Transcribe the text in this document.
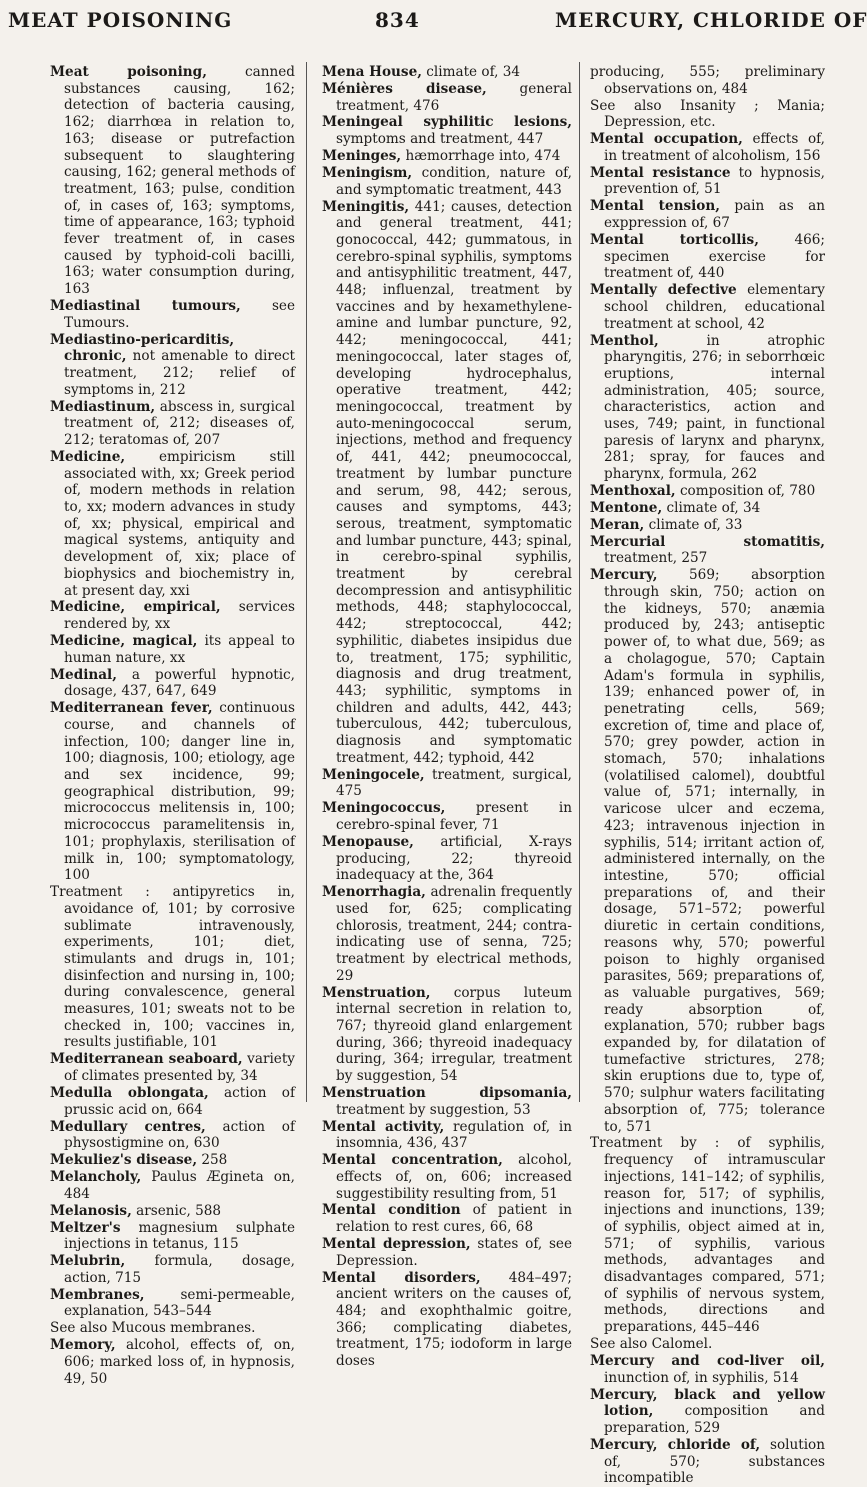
MEAT POISONING	834	MERCURY, CHLORIDE OF

Meat poisoning, canned substances causing, 162; detection of bacteria causing, 162; diarrhœa in relation to, 163; disease or putrefaction subsequent to slaughtering causing, 162; general methods of treatment, 163; pulse, condition of, in cases of, 163; symptoms, time of appearance, 163; typhoid fever treatment of, in cases caused by typhoid-coli bacilli, 163; water consumption during, 163

Mediastinal tumours, see Tumours.

Mediastino-pericarditis, chronic, not amenable to direct treatment, 212; relief of symptoms in, 212

Mediastinum, abscess in, surgical treatment of, 212; diseases of, 212; teratomas of, 207

Medicine, empiricism still associated with, xx; Greek period of, modern methods in relation to, xx; modern advances in study of, xx; physical, empirical and magical systems, antiquity and development of, xix; place of biophysics and biochemistry in, at present day, xxi

Medicine, empirical, services rendered by, xx

Medicine, magical, its appeal to human nature, xx

Medinal, a powerful hypnotic, dosage, 437, 647, 649

Mediterranean fever, continuous course, and channels of infection, 100; danger line in, 100; diagnosis, 100; etiology, age and sex incidence, 99; geographical distribution, 99; micrococcus melitensis in, 100; micrococcus paramelitensis in, 101; prophylaxis, sterilisation of milk in, 100; symptomatology, 100

Treatment : antipyretics in, avoidance of, 101; by corrosive sublimate intravenously, experiments, 101; diet, stimulants and drugs in, 101; disinfection and nursing in, 100; during convalescence, general measures, 101; sweats not to be checked in, 100; vaccines in, results justifiable, 101

Mediterranean seaboard, variety of climates presented by, 34

Medulla oblongata, action of prussic acid on, 664

Medullary centres, action of physostigmine on, 630

Mekuliez's disease, 258

Melancholy, Paulus Ægineta on, 484

Melanosis, arsenic, 588

Meltzer's magnesium sulphate injections in tetanus, 115

Melubrin, formula, dosage, action, 715

Membranes, semi-permeable, explanation, 543–544

See also Mucous membranes.

Memory, alcohol, effects of, on, 606; marked loss of, in hypnosis, 49, 50

Mena House, climate of, 34

Ménières disease, general treatment, 476

Meningeal syphilitic lesions, symptoms and treatment, 447

Meninges, hæmorrhage into, 474

Meningism, condition, nature of, and symptomatic treatment, 443

Meningitis, 441; causes, detection and general treatment, 441; gonococcal, 442; gummatous, in cerebro-spinal syphilis, symptoms and antisyphilitic treatment, 447, 448; influenzal, treatment by vaccines and by hexamethylene-amine and lumbar puncture, 92, 442; meningococcal, 441; meningococcal, later stages of, developing hydrocephalus, operative treatment, 442; meningococcal, treatment by auto-meningococcal serum, injections, method and frequency of, 441, 442; pneumococcal, treatment by lumbar puncture and serum, 98, 442; serous, causes and symptoms, 443; serous, treatment, symptomatic and lumbar puncture, 443; spinal, in cerebro-spinal syphilis, treatment by cerebral decompression and antisyphilitic methods, 448; staphylococcal, 442; streptococcal, 442; syphilitic, diabetes insipidus due to, treatment, 175; syphilitic, diagnosis and drug treatment, 443; syphilitic, symptoms in children and adults, 442, 443; tuberculous, 442; tuberculous, diagnosis and symptomatic treatment, 442; typhoid, 442

Meningocele, treatment, surgical, 475

Meningococcus, present in cerebro-spinal fever, 71

Menopause, artificial, X-rays producing, 22; thyreoid inadequacy at the, 364

Menorrhagia, adrenalin frequently used for, 625; complicating chlorosis, treatment, 244; contra-indicating use of senna, 725; treatment by electrical methods, 29

Menstruation, corpus luteum internal secretion in relation to, 767; thyreoid gland enlargement during, 366; thyreoid inadequacy during, 364; irregular, treatment by suggestion, 54

Menstruation dipsomania, treatment by suggestion, 53

Mental activity, regulation of, in insomnia, 436, 437

Mental concentration, alcohol, effects of, on, 606; increased suggestibility resulting from, 51

Mental condition of patient in relation to rest cures, 66, 68

Mental depression, states of, see Depression.

Mental disorders, 484–497; ancient writers on the causes of, 484; and exophthalmic goitre, 366; complicating diabetes, treatment, 175; iodoform in large doses

producing, 555; preliminary observations on, 484

See also Insanity ; Mania; Depression, etc.

Mental occupation, effects of, in treatment of alcoholism, 156

Mental resistance to hypnosis, prevention of, 51

Mental tension, pain as an exppression of, 67

Mental torticollis, 466; specimen exercise for treatment of, 440

Mentally defective elementary school children, educational treatment at school, 42

Menthol, in atrophic pharyngitis, 276; in seborrhœic eruptions, internal administration, 405; source, characteristics, action and uses, 749; paint, in functional paresis of larynx and pharynx, 281; spray, for fauces and pharynx, formula, 262

Menthoxal, composition of, 780

Mentone, climate of, 34

Meran, climate of, 33

Mercurial stomatitis, treatment, 257

Mercury, 569; absorption through skin, 750; action on the kidneys, 570; anæmia produced by, 243; antiseptic power of, to what due, 569; as a cholagogue, 570; Captain Adam's formula in syphilis, 139; enhanced power of, in penetrating cells, 569; excretion of, time and place of, 570; grey powder, action in stomach, 570; inhalations (volatilised calomel), doubtful value of, 571; internally, in varicose ulcer and eczema, 423; intravenous injection in syphilis, 514; irritant action of, administered internally, on the intestine, 570; official preparations of, and their dosage, 571–572; powerful diuretic in certain conditions, reasons why, 570; powerful poison to highly organised parasites, 569; preparations of, as valuable purgatives, 569; ready absorption of, explanation, 570; rubber bags expanded by, for dilatation of tumefactive strictures, 278; skin eruptions due to, type of, 570; sulphur waters facilitating absorption of, 775; tolerance to, 571

Treatment by : of syphilis, frequency of intramuscular injections, 141–142; of syphilis, reason for, 517; of syphilis, injections and inunctions, 139; of syphilis, object aimed at in, 571; of syphilis, various methods, advantages and disadvantages compared, 571; of syphilis of nervous system, methods, directions and preparations, 445–446

See also Calomel.

Mercury and cod-liver oil, inunction of, in syphilis, 514

Mercury, black and yellow lotion, composition and preparation, 529

Mercury, chloride of, solution of, 570; substances incompatible
